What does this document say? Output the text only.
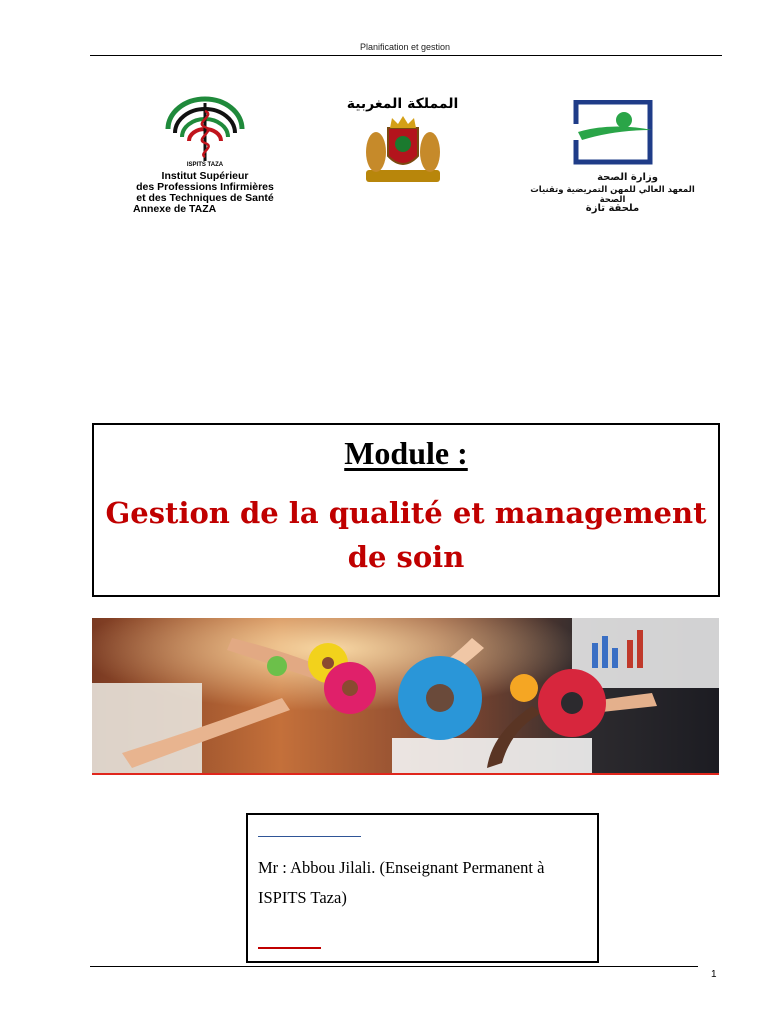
Planification et gestion
ISPITS TAZA
Institut Supérieur
des Professions Infirmières
et des Techniques de Santé
Annexe de TAZA
المملكة المغربية
وزارة الصحة
المعهد العالي للمهن التمريضية وتقنيات الصحة
ملحقة تازة
Module :
Gestion de la qualité et management de soin
Mr : Abbou Jilali. (Enseignant Permanent à ISPITS Taza)
1
